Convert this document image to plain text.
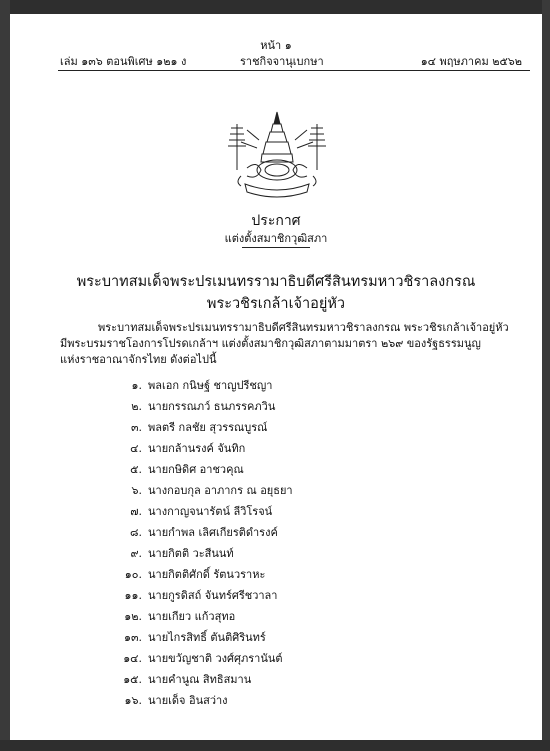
หน้า ๑
เล่ม ๑๓๖ ตอนพิเศษ ๑๒๑ ง	ราชกิจจานุเบกษา	๑๔ พฤษภาคม ๒๕๖๒
ประกาศ
แต่งตั้งสมาชิกวุฒิสภา
พระบาทสมเด็จพระปรเมนทรรามาธิบดีศรีสินทรมหาวชิราลงกรณ
พระวชิรเกล้าเจ้าอยู่หัว
พระบาทสมเด็จพระปรเมนทรรามาธิบดีศรีสินทรมหาวชิราลงกรณ พระวชิรเกล้าเจ้าอยู่หัว
มีพระบรมราชโองการโปรดเกล้าฯ แต่งตั้งสมาชิกวุฒิสภาตามมาตรา ๒๖๙ ของรัฐธรรมนูญ
แห่งราชอาณาจักรไทย ดังต่อไปนี้
๑. พลเอก กนิษฐ์ ชาญปรีชญา
๒. นายกรรณภว์ ธนภรรคภวิน
๓. พลตรี กลชัย สุวรรณบูรณ์
๔. นายกล้านรงค์ จันทิก
๕. นายกษิดิศ อาชวคุณ
๖. นางกอบกุล อาภากร ณ อยุธยา
๗. นางกาญจนารัตน์ ลีวิโรจน์
๘. นายกำพล เลิศเกียรติดำรงค์
๙. นายกิตติ วะสีนนท์
๑๐. นายกิตติศักดิ์ รัตนวราหะ
๑๑. นายกูรดิสถ์ จันทร์ศรีชวาลา
๑๒. นายเกียว แก้วสุทอ
๑๓. นายไกรสิทธิ์ ตันติศิรินทร์
๑๔. นายขวัญชาติ วงศ์ศุภรานันต์
๑๕. นายคำนูณ สิทธิสมาน
๑๖. นายเด็จ อินสว่าง
